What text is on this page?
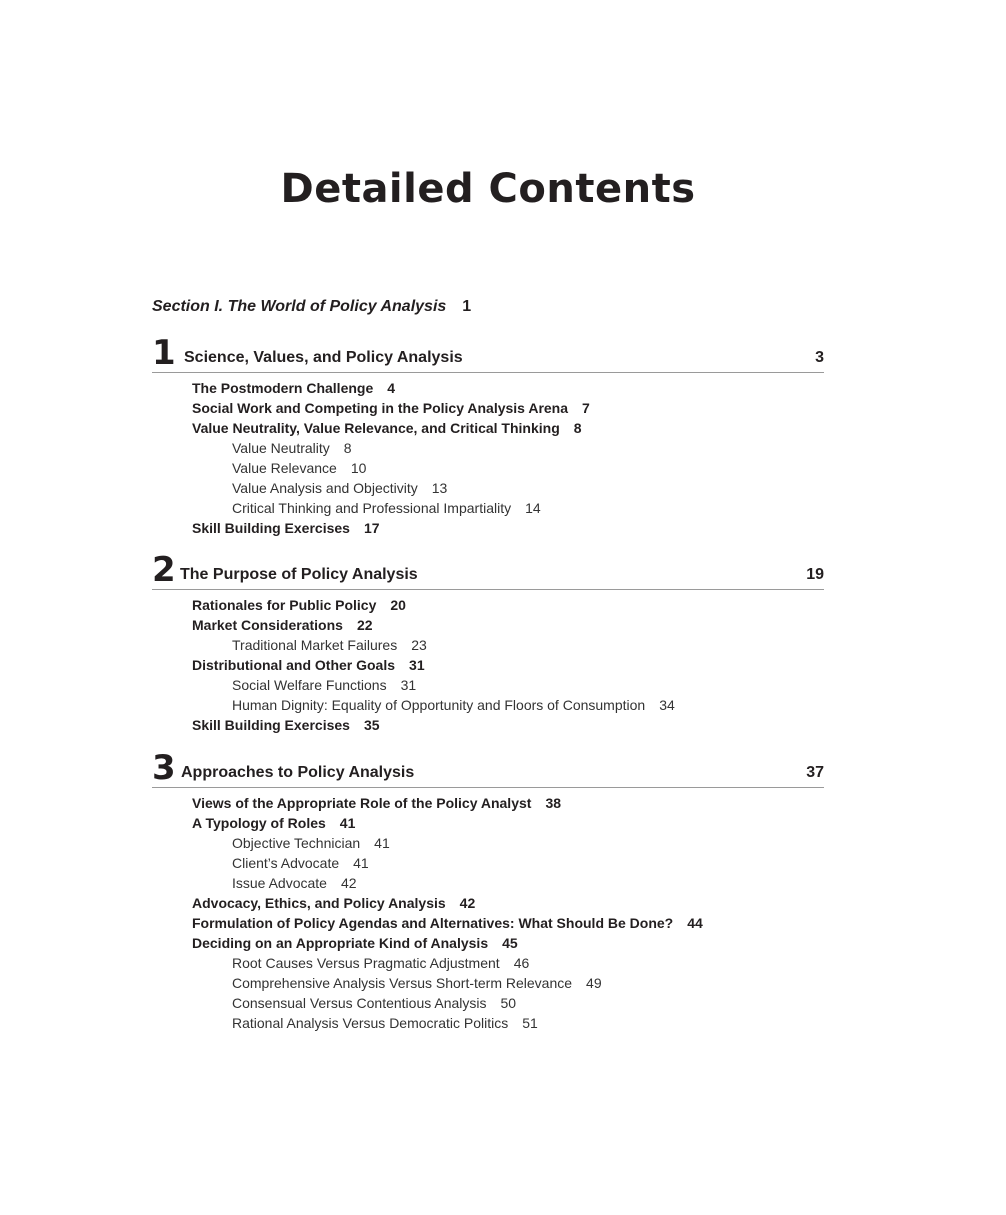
Detailed Contents
Section I. The World of Policy Analysis 1
1 Science, Values, and Policy Analysis	3
The Postmodern Challenge 4
Social Work and Competing in the Policy Analysis Arena 7
Value Neutrality, Value Relevance, and Critical Thinking 8
Value Neutrality 8
Value Relevance 10
Value Analysis and Objectivity 13
Critical Thinking and Professional Impartiality 14
Skill Building Exercises 17
2 The Purpose of Policy Analysis	19
Rationales for Public Policy 20
Market Considerations 22
Traditional Market Failures 23
Distributional and Other Goals 31
Social Welfare Functions 31
Human Dignity: Equality of Opportunity and Floors of Consumption 34
Skill Building Exercises 35
3 Approaches to Policy Analysis	37
Views of the Appropriate Role of the Policy Analyst 38
A Typology of Roles 41
Objective Technician 41
Client’s Advocate 41
Issue Advocate 42
Advocacy, Ethics, and Policy Analysis 42
Formulation of Policy Agendas and Alternatives: What Should Be Done? 44
Deciding on an Appropriate Kind of Analysis 45
Root Causes Versus Pragmatic Adjustment 46
Comprehensive Analysis Versus Short-term Relevance 49
Consensual Versus Contentious Analysis 50
Rational Analysis Versus Democratic Politics 51
